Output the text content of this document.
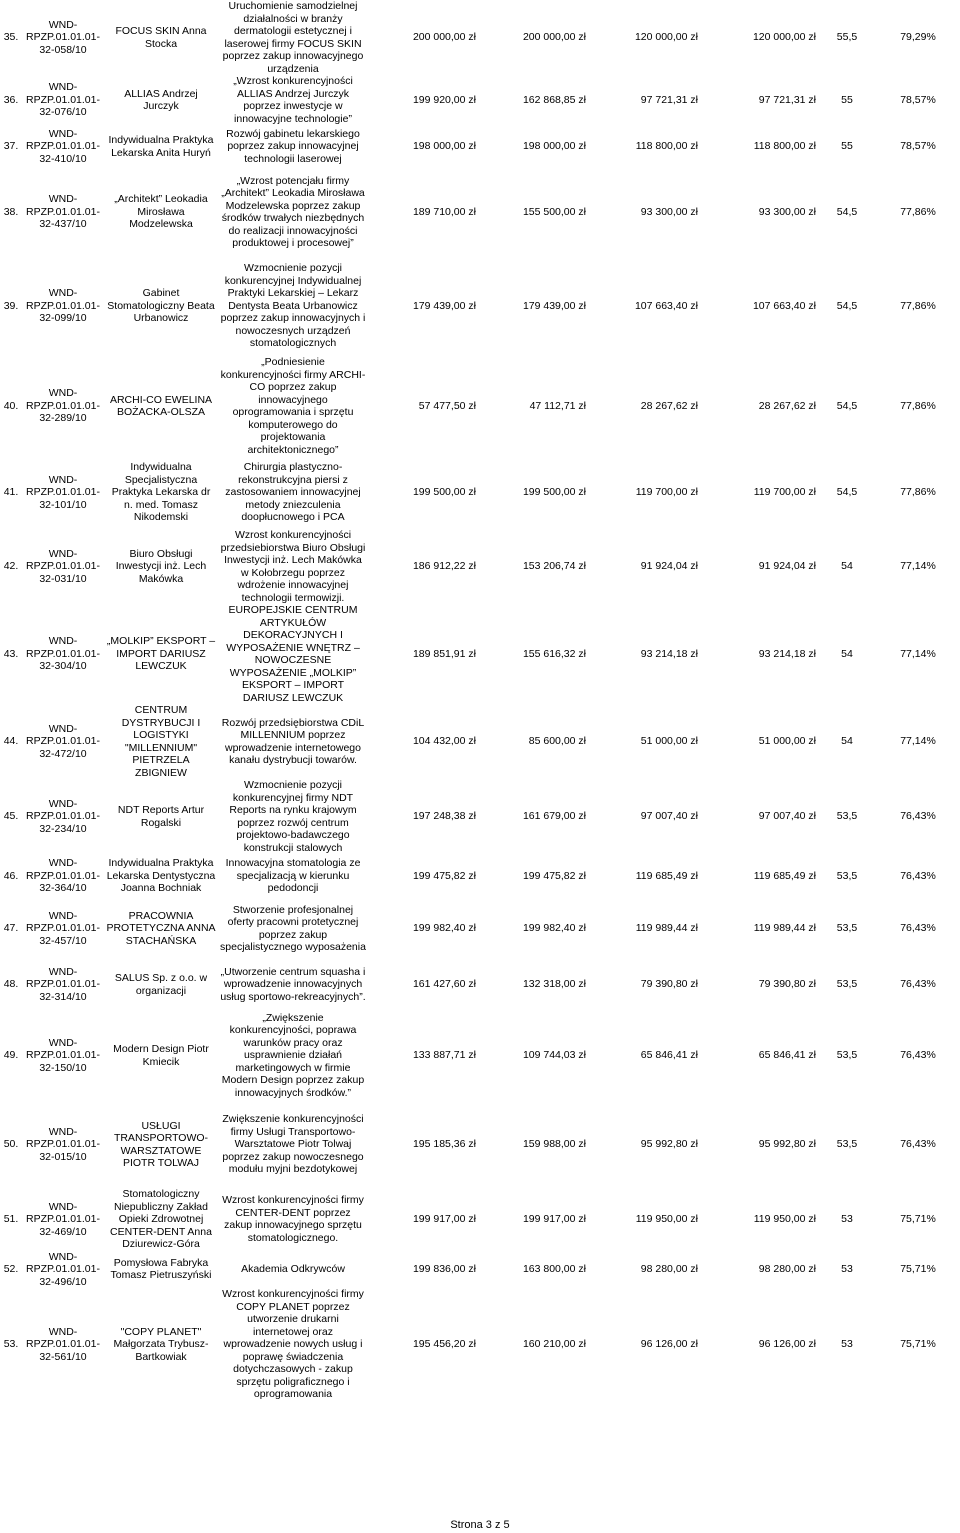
35.	WND-
RPZP.01.01.01-
32-058/10	FOCUS SKIN Anna Stocka	Uruchomienie samodzielnej działalności w branży dermatologii estetycznej i laserowej firmy FOCUS SKIN poprzez zakup innowacyjnego urządzenia	200 000,00 zł	200 000,00 zł	120 000,00 zł	120 000,00 zł	55,5	79,29%
36.	WND-
RPZP.01.01.01-
32-076/10	ALLIAS Andrzej Jurczyk	„Wzrost konkurencyjności ALLIAS Andrzej Jurczyk poprzez inwestycje w innowacyjne technologie”	199 920,00 zł	162 868,85 zł	97 721,31 zł	97 721,31 zł	55	78,57%
37.	WND-
RPZP.01.01.01-
32-410/10	Indywidualna Praktyka Lekarska Anita Huryń	Rozwój gabinetu lekarskiego poprzez zakup innowacyjnej technologii laserowej	198 000,00 zł	198 000,00 zł	118 800,00 zł	118 800,00 zł	55	78,57%
38.	WND-
RPZP.01.01.01-
32-437/10	„Architekt” Leokadia Mirosława Modzelewska	„Wzrost potencjału firmy „Architekt” Leokadia Mirosława Modzelewska poprzez zakup środków trwałych niezbędnych do realizacji innowacyjności produktowej i procesowej”	189 710,00 zł	155 500,00 zł	93 300,00 zł	93 300,00 zł	54,5	77,86%
39.	WND-
RPZP.01.01.01-
32-099/10	Gabinet Stomatologiczny Beata Urbanowicz	Wzmocnienie pozycji konkurencyjnej Indywidualnej Praktyki Lekarskiej – Lekarz Dentysta Beata Urbanowicz poprzez zakup innowacyjnych i nowoczesnych urządzeń stomatologicznych	179 439,00 zł	179 439,00 zł	107 663,40 zł	107 663,40 zł	54,5	77,86%
40.	WND-
RPZP.01.01.01-
32-289/10	ARCHI-CO EWELINA BOŻACKA-OLSZA	„Podniesienie konkurencyjności firmy ARCHI-CO poprzez zakup innowacyjnego oprogramowania i sprzętu komputerowego do projektowania architektonicznego”	57 477,50 zł	47 112,71 zł	28 267,62 zł	28 267,62 zł	54,5	77,86%
41.	WND-
RPZP.01.01.01-
32-101/10	Indywidualna Specjalistyczna Praktyka Lekarska dr n. med. Tomasz Nikodemski	Chirurgia plastyczno-rekonstrukcyjna piersi z zastosowaniem innowacyjnej metody zniezculenia doopłucnowego i PCA	199 500,00 zł	199 500,00 zł	119 700,00 zł	119 700,00 zł	54,5	77,86%
42.	WND-
RPZP.01.01.01-
32-031/10	Biuro Obsługi Inwestycji inż. Lech Makówka	Wzrost konkurencyjności przedsiebiorstwa Biuro Obsługi Inwestycji inż. Lech Makówka w Kołobrzegu poprzez wdrożenie innowacyjnej technologii termowizji.	186 912,22 zł	153 206,74 zł	91 924,04 zł	91 924,04 zł	54	77,14%
43.	WND-
RPZP.01.01.01-
32-304/10	„MOLKIP” EKSPORT – IMPORT DARIUSZ LEWCZUK	EUROPEJSKIE CENTRUM ARTYKUŁÓW DEKORACYJNYCH I WYPOSAŻENIE WNĘTRZ – NOWOCZESNE WYPOSAŻENIE „MOLKIP” EKSPORT – IMPORT DARIUSZ LEWCZUK	189 851,91 zł	155 616,32 zł	93 214,18 zł	93 214,18 zł	54	77,14%
44.	WND-
RPZP.01.01.01-
32-472/10	CENTRUM DYSTRYBUCJI I LOGISTYKI "MILLENNIUM" PIETRZELA ZBIGNIEW	Rozwój przedsiębiorstwa CDiL MILLENNIUM poprzez wprowadzenie internetowego kanału dystrybucji towarów.	104 432,00 zł	85 600,00 zł	51 000,00 zł	51 000,00 zł	54	77,14%
45.	WND-
RPZP.01.01.01-
32-234/10	NDT Reports Artur Rogalski	Wzmocnienie pozycji konkurencyjnej firmy NDT Reports na rynku krajowym poprzez rozwój centrum projektowo-badawczego konstrukcji stalowych	197 248,38 zł	161 679,00 zł	97 007,40 zł	97 007,40 zł	53,5	76,43%
46.	WND-
RPZP.01.01.01-
32-364/10	Indywidualna Praktyka Lekarska Dentystyczna Joanna Bochniak	Innowacyjna stomatologia ze specjalizacją w kierunku pedodoncji	199 475,82 zł	199 475,82 zł	119 685,49 zł	119 685,49 zł	53,5	76,43%
47.	WND-
RPZP.01.01.01-
32-457/10	PRACOWNIA PROTETYCZNA ANNA STACHAŃSKA	Stworzenie profesjonalnej oferty pracowni protetycznej poprzez zakup specjalistycznego wyposażenia	199 982,40 zł	199 982,40 zł	119 989,44 zł	119 989,44 zł	53,5	76,43%
48.	WND-
RPZP.01.01.01-
32-314/10	SALUS Sp. z o.o. w organizacji	„Utworzenie centrum squasha i wprowadzenie innowacyjnych usług sportowo-rekreacyjnych”.	161 427,60 zł	132 318,00 zł	79 390,80 zł	79 390,80 zł	53,5	76,43%
49.	WND-
RPZP.01.01.01-
32-150/10	Modern Design Piotr Kmiecik	„Zwiększenie konkurencyjności, poprawa warunków pracy oraz usprawnienie działań marketingowych w firmie Modern Design poprzez zakup innowacyjnych środków.”	133 887,71 zł	109 744,03 zł	65 846,41 zł	65 846,41 zł	53,5	76,43%
50.	WND-
RPZP.01.01.01-
32-015/10	USŁUGI TRANSPORTOWO-WARSZTATOWE PIOTR TOLWAJ	Zwiększenie konkurencyjności firmy Usługi Transportowo-Warsztatowe Piotr Tolwaj poprzez zakup nowoczesnego modułu myjni bezdotykowej	195 185,36 zł	159 988,00 zł	95 992,80 zł	95 992,80 zł	53,5	76,43%
51.	WND-
RPZP.01.01.01-
32-469/10	Stomatologiczny Niepubliczny Zakład Opieki Zdrowotnej CENTER-DENT Anna Dziurewicz-Góra	Wzrost konkurencyjności firmy CENTER-DENT poprzez zakup innowacyjnego sprzętu stomatologicznego.	199 917,00 zł	199 917,00 zł	119 950,00 zł	119 950,00 zł	53	75,71%
52.	WND-
RPZP.01.01.01-
32-496/10	Pomysłowa Fabryka Tomasz Pietruszyński	Akademia Odkrywców	199 836,00 zł	163 800,00 zł	98 280,00 zł	98 280,00 zł	53	75,71%
53.	WND-
RPZP.01.01.01-
32-561/10	"COPY PLANET" Małgorzata Trybusz-Bartkowiak	Wzrost konkurencyjności firmy COPY PLANET poprzez utworzenie drukarni internetowej oraz wprowadzenie nowych usług i poprawę świadczenia dotychczasowych - zakup sprzętu poligraficznego i oprogramowania	195 456,20 zł	160 210,00 zł	96 126,00 zł	96 126,00 zł	53	75,71%
Strona 3 z 5
